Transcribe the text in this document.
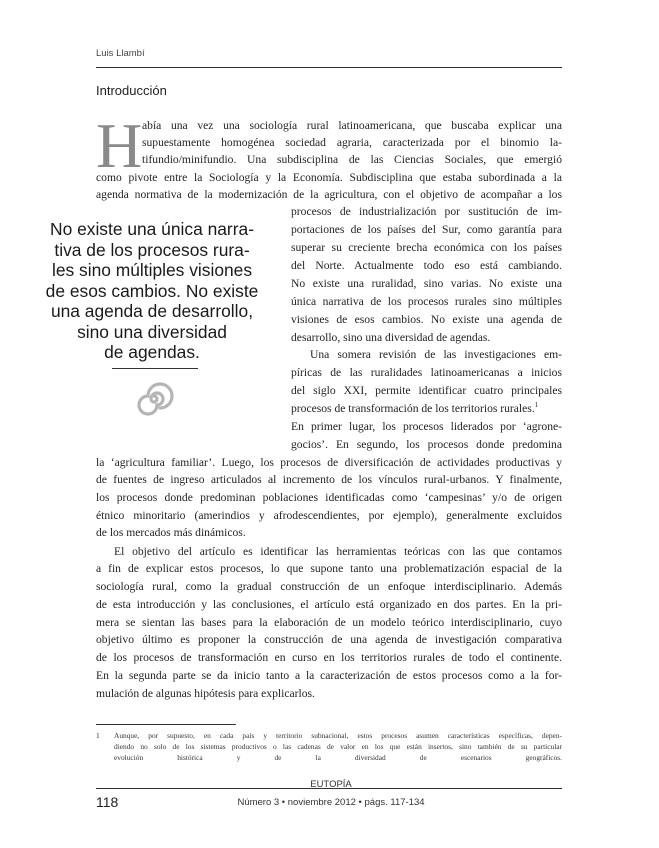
Luis Llambí
Introducción
H abía una vez una sociología rural latinoamericana, que buscaba explicar una
supuestamente homogénea sociedad agraria, caracterizada por el binomio la-
tifundio/minifundio. Una subdisciplina de las Ciencias Sociales, que emergió
como pivote entre la Sociología y la Economía. Subdisciplina que estaba subordinada a la
agenda normativa de la modernización de la agricultura, con el objetivo de acompañar a los
procesos de industrialización por sustitución de im-
portaciones de los países del Sur, como garantía para
superar su creciente brecha económica con los países
del Norte. Actualmente todo eso está cambiando.
No existe una ruralidad, sino varias. No existe una
única narrativa de los procesos rurales sino múltiples
visiones de esos cambios. No existe una agenda de
desarrollo, sino una diversidad de agendas.
Una somera revisión de las investigaciones em-
píricas de las ruralidades latinoamericanas a inicios
del siglo XXI, permite identificar cuatro principales
procesos de transformación de los territorios rurales.$^1$
En primer lugar, los procesos liderados por ‘agrone-
gocios’. En segundo, los procesos donde predomina
la ‘agricultura familiar’. Luego, los procesos de diversificación de actividades productivas y
de fuentes de ingreso articulados al incremento de los vínculos rural-urbanos. Y finalmente,
los procesos donde predominan poblaciones identificadas como ‘campesinas’ y/o de origen
étnico minoritario (amerindios y afrodescendientes, por ejemplo), generalmente excluidos
de los mercados más dinámicos.
El objetivo del artículo es identificar las herramientas teóricas con las que contamos
a fin de explicar estos procesos, lo que supone tanto una problematización espacial de la
sociología rural, como la gradual construcción de un enfoque interdisciplinario. Además
de esta introducción y las conclusiones, el artículo está organizado en dos partes. En la pri-
mera se sientan las bases para la elaboración de un modelo teórico interdisciplinario, cuyo
objetivo último es proponer la construcción de una agenda de investigación comparativa
de los procesos de transformación en curso en los territorios rurales de todo el continente.
En la segunda parte se da inicio tanto a la caracterización de estos procesos como a la for-
mulación de algunas hipótesis para explicarlos.
No existe una única narra-
tiva de los procesos rura-
les sino múltiples visiones
de esos cambios. No existe
una agenda de desarrollo,
sino una diversidad
de agendas.
1 Aunque, por supuesto, en cada país y territorio subnacional, estos procesos asumen características específicas, depen-
diendo no solo de los sistemas productivos o las cadenas de valor en los que están insertos, sino también de su particular
evolución histórica y de la diversidad de escenarios geográficos.
EUTOPÍA
118	Número 3 • noviembre 2012 • págs. 117-134
